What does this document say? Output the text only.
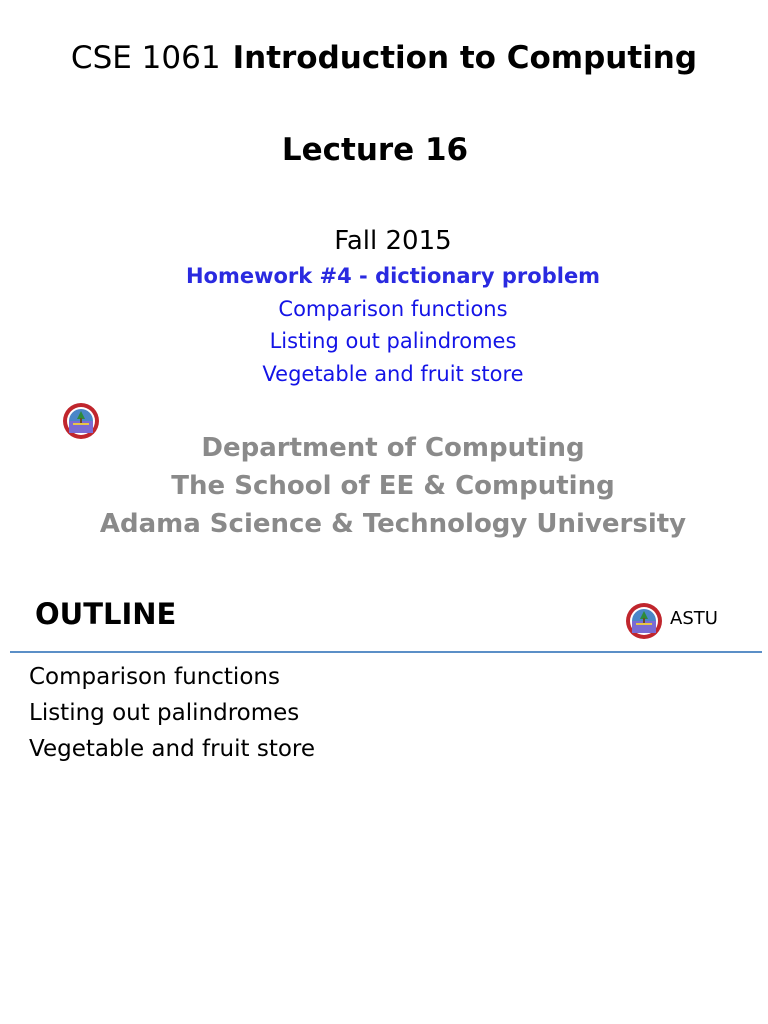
CSE 1061 Introduction to Computing
Lecture 16
Fall 2015
Homework #4 - dictionary problem
Comparison functions
Listing out palindromes
Vegetable and fruit store
Department of Computing
The School of EE & Computing
Adama Science & Technology University
OUTLINE	ASTU
Comparison functions
Listing out palindromes
Vegetable and fruit store
